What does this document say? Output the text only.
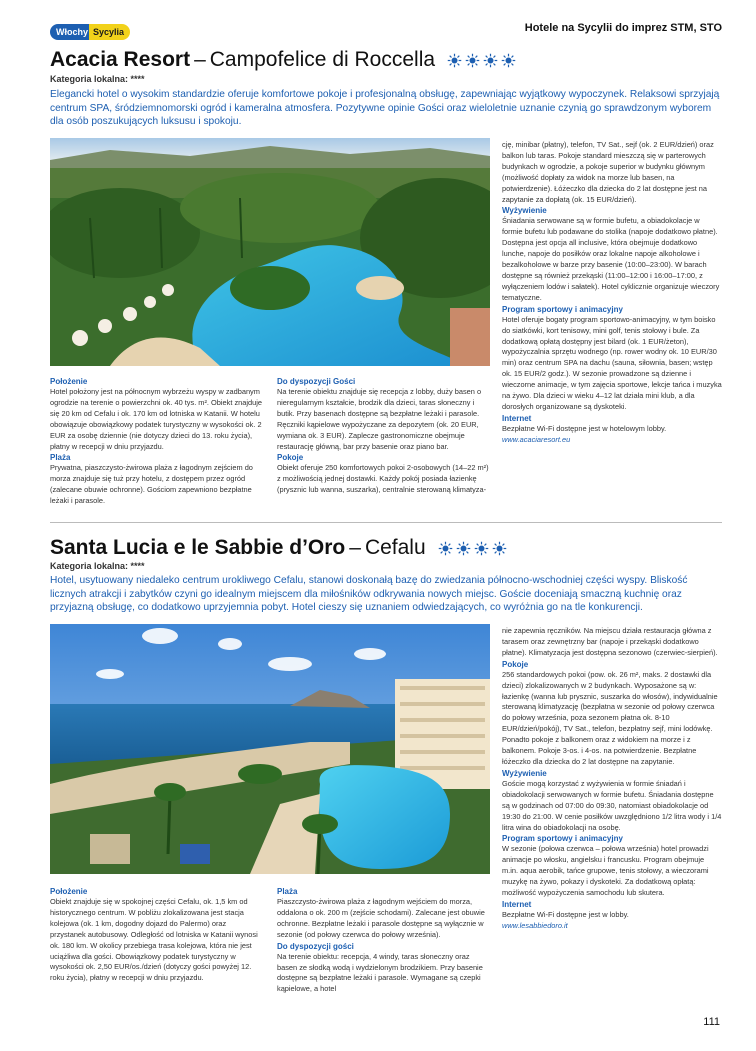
Włochy Sycylia	Hotele na Sycylii do imprez STM, STO
Acacia Resort – Campofelice di Roccella
Kategoria lokalna: ****
Elegancki hotel o wysokim standardzie oferuje komfortowe pokoje i profesjonalną obsługę, zapewniając wyjątkowy wypoczynek. Relaksowi sprzyjają centrum SPA, śródziemnomorski ogród i kameralna atmosfera. Pozytywne opinie Gości oraz wieloletnie uznanie czynią go sprawdzonym wyborem dla osób poszukujących luksusu i spokoju.
Położenie

Hotel położony jest na północnym wybrzeżu wyspy w zadbanym ogrodzie na terenie o powierzchni ok. 40 tys. m². Obiekt znajduje się 20 km od Cefalu i ok. 170 km od lotniska w Katanii. W hotelu obowiązuje obowiązkowy podatek turystyczny w wysokości ok. 2 EUR za osobę dziennie (nie dotyczy dzieci do 13. roku życia), płatny w recepcji w dniu przyjazdu.

Plaża

Prywatna, piaszczysto-żwirowa plaża z łagodnym zejściem do morza znajduje się tuż przy hotelu, z dostępem przez ogród (zalecane obuwie ochronne). Gościom zapewniono bezpłatne leżaki i parasole.

Do dyspozycji Gości

Na terenie obiektu znajduje się recepcja z lobby, duży basen o nieregularnym kształcie, brodzik dla dzieci, taras słoneczny i butik. Przy basenach dostępne są bezpłatne leżaki i parasole. Ręczniki kąpielowe wypożyczane za depozytem (ok. 20 EUR, wymiana ok. 3 EUR). Zaplecze gastronomiczne obejmuje restaurację główną, bar przy basenie oraz piano bar.

Pokoje

Obiekt oferuje 250 komfortowych pokoi 2-osobowych (14–22 m²) z możliwością jednej dostawki. Każdy pokój posiada łazienkę (prysznic lub wanna, suszarka), centralnie sterowaną klimatyza-

cję, minibar (płatny), telefon, TV Sat., sejf (ok. 2 EUR/dzień) oraz balkon lub taras. Pokoje standard mieszczą się w parterowych budynkach w ogrodzie, a pokoje superior w budynku głównym (możliwość dopłaty za widok na morze lub basen, na potwierdzenie). Łóżeczko dla dziecka do 2 lat dostępne jest na zapytanie za dopłatą (ok. 15 EUR/dzień).

Wyżywienie

Śniadania serwowane są w formie bufetu, a obiadokolacje w formie bufetu lub podawane do stolika (napoje dodatkowo płatne). Dostępna jest opcja all inclusive, która obejmuje dodatkowo lunche, napoje do posiłków oraz lokalne napoje alkoholowe i bezalkoholowe w barze przy basenie (10:00–23:00). W barach dostępne są również przekąski (11:00–12:00 i 16:00–17:00, z wyłączeniem lodów i sałatek). Hotel cyklicznie organizuje wieczory tematyczne.

Program sportowy i animacyjny

Hotel oferuje bogaty program sportowo-animacyjny, w tym boisko do siatkówki, kort tenisowy, mini golf, tenis stołowy i bule. Za dodatkową opłatą dostępny jest bilard (ok. 1 EUR/żeton), wypożyczalnia sprzętu wodnego (np. rower wodny ok. 10 EUR/30 min) oraz centrum SPA na dachu (sauna, siłownia, basen; wstęp ok. 15 EUR/2 godz.). W sezonie prowadzone są dzienne i wieczorne animacje, w tym zajęcia sportowe, lekcje tańca i muzyka na żywo. Dla dzieci w wieku 4–12 lat działa mini klub, a dla dorosłych organizowane są dyskoteki.

Internet

Bezpłatne Wi-Fi dostępne jest w hotelowym lobby.

www.acaciaresort.eu

Santa Lucia e le Sabbie d’Oro – Cefalu
Kategoria lokalna: ****
Hotel, usytuowany niedaleko centrum urokliwego Cefalu, stanowi doskonałą bazę do zwiedzania północno-wschodniej części wyspy. Bliskość licznych atrakcji i zabytków czyni go idealnym miejscem dla miłośników odkrywania nowych miejsc. Goście doceniają smaczną kuchnię oraz przyjazną obsługę, co dodatkowo uprzyjemnia pobyt. Hotel cieszy się uznaniem odwiedzających, co wyróżnia go na tle konkurencji.
Położenie

Obiekt znajduje się w spokojnej części Cefalu, ok. 1,5 km od historycznego centrum. W pobliżu zlokalizowana jest stacja kolejowa (ok. 1 km, dogodny dojazd do Palermo) oraz przystanek autobusowy. Odległość od lotniska w Katanii wynosi ok. 180 km. W okolicy przebiega trasa kolejowa, która nie jest uciążliwa dla gości. Obowiązkowy podatek turystyczny w wysokości ok. 2,50 EUR/os./dzień (dotyczy gości powyżej 12. roku życia), płatny w recepcji w dniu przyjazdu.

Plaża

Piaszczysto-żwirowa plaża z łagodnym wejściem do morza, oddalona o ok. 200 m (zejście schodami). Zalecane jest obuwie ochronne. Bezpłatne leżaki i parasole dostępne są wyłącznie w sezonie (od połowy czerwca do połowy września).

Do dyspozycji gości

Na terenie obiektu: recepcja, 4 windy, taras słoneczny oraz basen ze słodką wodą i wydzielonym brodzikiem. Przy basenie dostępne są bezpłatne leżaki i parasole. Wymagane są czepki kąpielowe, a hotel

nie zapewnia ręczników. Na miejscu działa restauracja główna z tarasem oraz zewnętrzny bar (napoje i przekąski dodatkowo płatne). Klimatyzacja jest dostępna sezonowo (czerwiec-sierpień).

Pokoje

256 standardowych pokoi (pow. ok. 26 m², maks. 2 dostawki dla dzieci) zlokalizowanych w 2 budynkach. Wyposażone są w: łazienkę (wanna lub prysznic, suszarka do włosów), indywidualnie sterowaną klimatyzację (bezpłatna w sezonie od połowy czerwca do połowy września, poza sezonem płatna ok. 8-10 EUR/dzień/pokój), TV Sat., telefon, bezpłatny sejf, mini lodówkę. Ponadto pokoje z balkonem oraz z widokiem na morze i z balkonem. Pokoje 3-os. i 4-os. na potwierdzenie. Bezpłatne łóżeczko dla dziecka do 2 lat dostępne na zapytanie.

Wyżywienie

Goście mogą korzystać z wyżywienia w formie śniadań i obiadokolacji serwowanych w formie bufetu. Śniadania dostępne są w godzinach od 07:00 do 09:30, natomiast obiadokolacje od 19:30 do 21:00. W cenie posiłków uwzględniono 1/2 litra wody i 1/4 litra wina do obiadokolacji na osobę.

Program sportowy i animacyjny

W sezonie (połowa czerwca – połowa września) hotel prowadzi animacje po włosku, angielsku i francusku. Program obejmuje m.in. aqua aerobik, tańce grupowe, tenis stołowy, a wieczorami muzykę na żywo, pokazy i dyskoteki. Za dodatkową opłatą: możliwość wypożyczenia samochodu lub skutera.

Internet

Bezpłatne Wi-Fi dostępne jest w lobby.

www.lesabbiedoro.it

111
